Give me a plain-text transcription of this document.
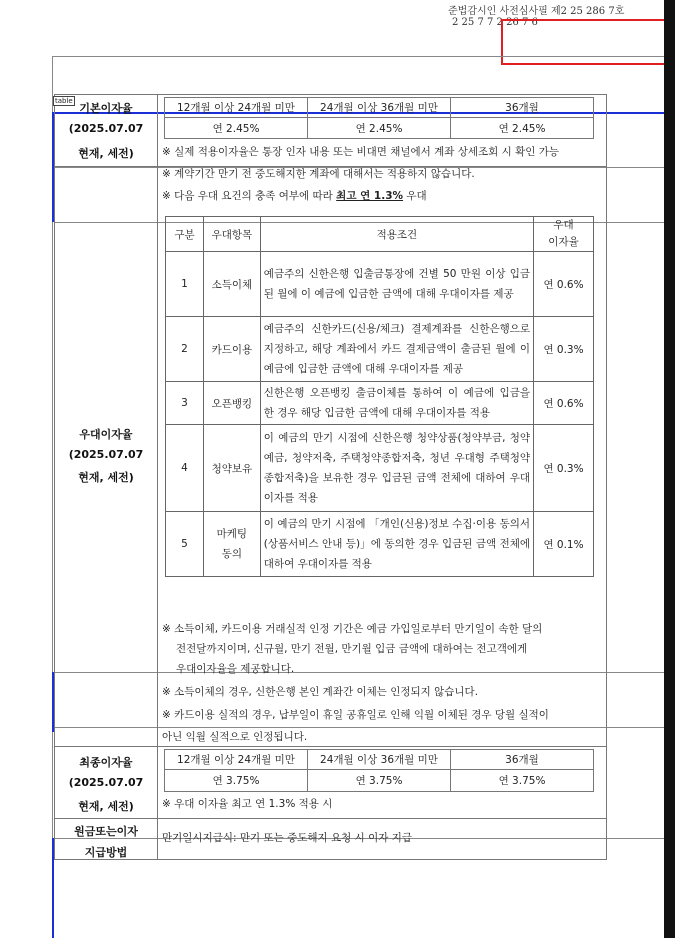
준법감시인 사전심사필 제2 25 286 7호
2 25 7 7 2 26 7 6
table
기본이자율
(2025.07.07
현재, 세전)
12개월 이상 24개월 미만	24개월 이상 36개월 미만	36개월
연 2.45%	연 2.45%	연 2.45%
※ 실제 적용이자율은 통장 인자 내용 또는 비대면 채널에서 계좌 상세조회 시 확인 가능
※ 계약기간 만기 전 중도해지한 계좌에 대해서는 적용하지 않습니다.
우대이자율
(2025.07.07
현재, 세전)
※ 다음 우대 요건의 충족 여부에 따라 최고 연 1.3% 우대
구분	우대항목	적용조건	우대
이자율
1	소득이체	예금주의 신한은행 입출금통장에 건별 50 만원 이상 입금된 월에 이 예금에 입금한 금액에 대해 우대이자를 제공	연 0.6%
2	카드이용	예금주의 신한카드(신용/체크) 결제계좌를 신한은행으로 지정하고, 해당 계좌에서 카드 결제금액이 출금된 월에 이 예금에 입금한 금액에 대해 우대이자를 제공	연 0.3%
3	오픈뱅킹	신한은행 오픈뱅킹 출금이체를 통하여 이 예금에 입금을 한 경우 해당 입금한 금액에 대해 우대이자를 적용	연 0.6%
4	청약보유	이 예금의 만기 시점에 신한은행 청약상품(청약부금, 청약예금, 청약저축, 주택청약종합저축, 청년 우대형 주택청약종합저축)을 보유한 경우 입금된 금액 전체에 대하여 우대이자를 적용	연 0.3%
5	마케팅
동의	이 예금의 만기 시점에 「개인(신용)정보 수집·이용 동의서(상품서비스 안내 등)」에 동의한 경우 입금된 금액 전체에 대하여 우대이자를 적용	연 0.1%
※ 소득이체, 카드이용 거래실적 인정 기간은 예금 가입일로부터 만기일이 속한 달의
전전달까지이며, 신규월, 만기 전월, 만기월 입금 금액에 대하여는 전고객에게
우대이자율을 제공합니다.
※ 소득이체의 경우, 신한은행 본인 계좌간 이체는 인정되지 않습니다.
※ 카드이용 실적의 경우, 납부일이 휴일 공휴일로 인해 익월 이체된 경우 당월 실적이
아닌 익월 실적으로 인정됩니다.
최종이자율
(2025.07.07
현재, 세전)
12개월 이상 24개월 미만	24개월 이상 36개월 미만	36개월
연 3.75%	연 3.75%	연 3.75%
※ 우대 이자율 최고 연 1.3% 적용 시
원금또는이자
지급방법
만기일시지급식: 만기 또는 중도해지 요청 시 이자 지급
